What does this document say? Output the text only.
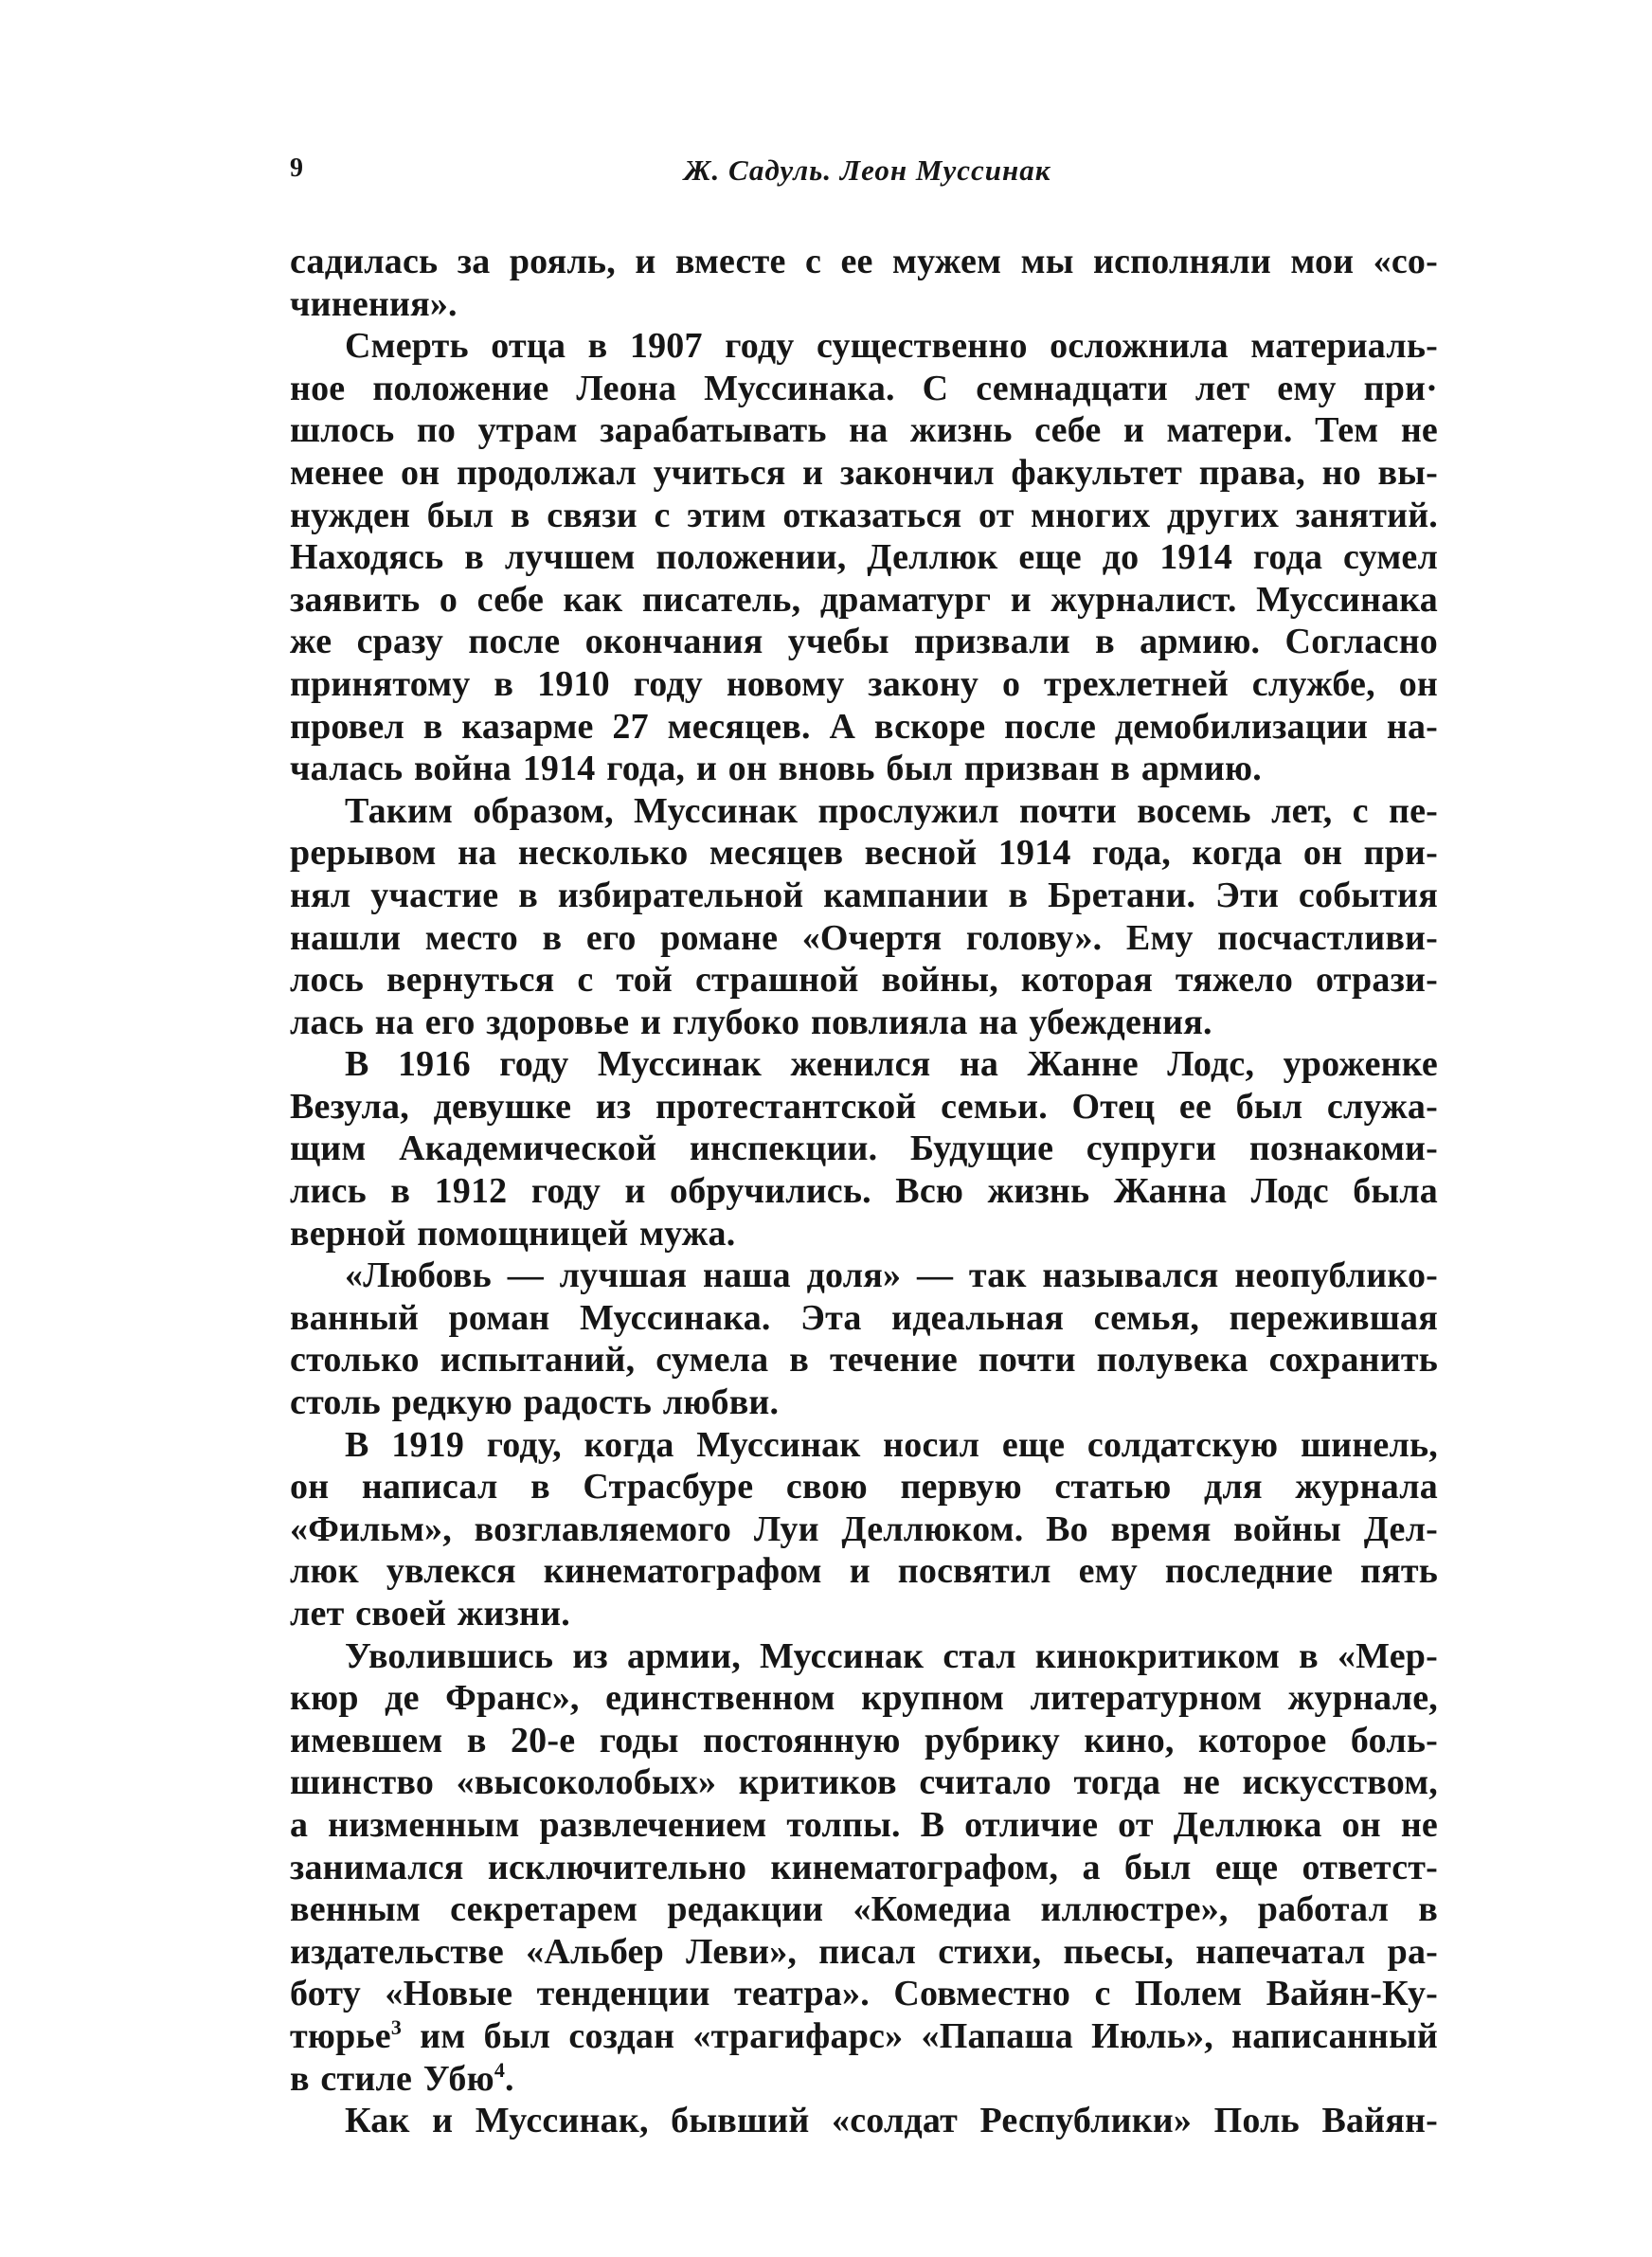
9	Ж. Садуль. Леон Муссинак
садилась за рояль, и вместе с ее мужем мы исполняли мои «со-
чинения».
Смерть отца в 1907 году существенно осложнила материаль-
ное положение Леона Муссинака. С семнадцати лет ему при·
шлось по утрам зарабатывать на жизнь себе и матери. Тем не
менее он продолжал учиться и закончил факультет права, но вы-
нужден был в связи с этим отказаться от многих других занятий.
Находясь в лучшем положении, Деллюк еще до 1914 года сумел
заявить о себе как писатель, драматург и журналист. Муссинака
же сразу после окончания учебы призвали в армию. Согласно
принятому в 1910 году новому закону о трехлетней службе, он
провел в казарме 27 месяцев. А вскоре после демобилизации на-
чалась война 1914 года, и он вновь был призван в армию.
Таким образом, Муссинак прослужил почти восемь лет, с пе-
рерывом на несколько месяцев весной 1914 года, когда он при-
нял участие в избирательной кампании в Бретани. Эти события
нашли место в его романе «Очертя голову». Ему посчастливи-
лось вернуться с той страшной войны, которая тяжело отрази-
лась на его здоровье и глубоко повлияла на убеждения.
В 1916 году Муссинак женился на Жанне Лодс, уроженке
Везула, девушке из протестантской семьи. Отец ее был служа-
щим Академической инспекции. Будущие супруги познакоми-
лись в 1912 году и обручились. Всю жизнь Жанна Лодс была
верной помощницей мужа.
«Любовь — лучшая наша доля» — так назывался неопублико-
ванный роман Муссинака. Эта идеальная семья, пережившая
столько испытаний, сумела в течение почти полувека сохранить
столь редкую радость любви.
В 1919 году, когда Муссинак носил еще солдатскую шинель,
он написал в Страсбуре свою первую статью для журнала
«Фильм», возглавляемого Луи Деллюком. Во время войны Дел-
люк увлекся кинематографом и посвятил ему последние пять
лет своей жизни.
Уволившись из армии, Муссинак стал кинокритиком в «Мер-
кюр де Франс», единственном крупном литературном журнале,
имевшем в 20-е годы постоянную рубрику кино, которое боль-
шинство «высоколобых» критиков считало тогда не искусством,
а низменным развлечением толпы. В отличие от Деллюка он не
занимался исключительно кинематографом, а был еще ответст-
венным секретарем редакции «Комедиа иллюстре», работал в
издательстве «Альбер Леви», писал стихи, пьесы, напечатал ра-
боту «Новые тенденции театра». Совместно с Полем Вайян-Ку-
тюрье$^3$ им был создан «трагифарс» «Папаша Июль», написанный
в стиле Убю$^4$.
Как и Муссинак, бывший «солдат Республики» Поль Вайян-
